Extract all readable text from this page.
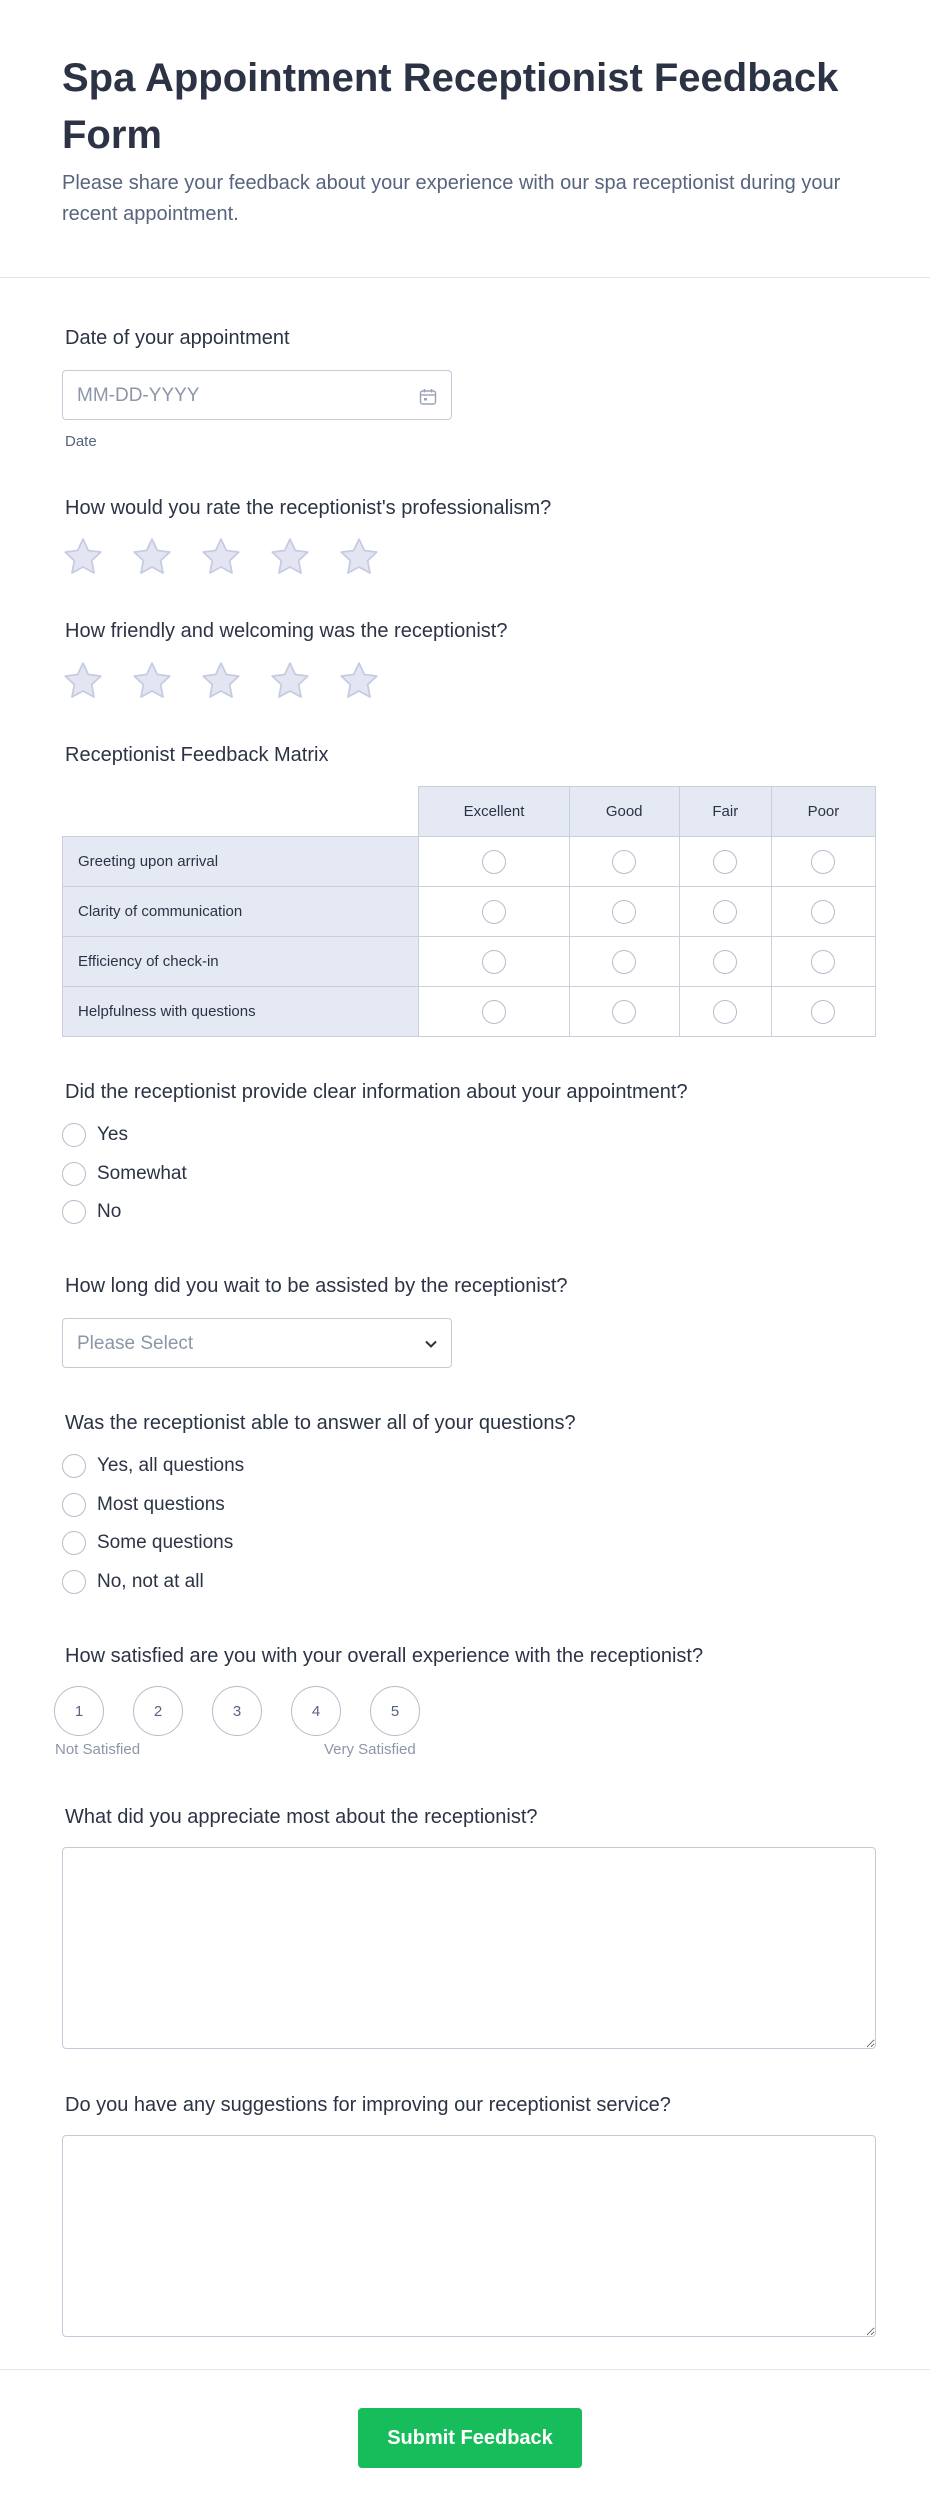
Spa Appointment Receptionist Feedback Form

Please share your feedback about your experience with our spa receptionist during your recent appointment.

Date of your appointment
MM-DD-YYYY
Date
How would you rate the receptionist's professionalism?
How friendly and welcoming was the receptionist?
Receptionist Feedback Matrix
	Excellent	Good	Fair	Poor
Greeting upon arrival				
Clarity of communication				
Efficiency of check-in				
Helpfulness with questions				
Did the receptionist provide clear information about your appointment?
Yes
Somewhat
No
How long did you wait to be assisted by the receptionist?
Please Select
Was the receptionist able to answer all of your questions?
Yes, all questions
Most questions
Some questions
No, not at all
How satisfied are you with your overall experience with the receptionist?
1	2	3	4	5
Not Satisfied	Very Satisfied
What did you appreciate most about the receptionist?
Do you have any suggestions for improving our receptionist service?
Submit Feedback
